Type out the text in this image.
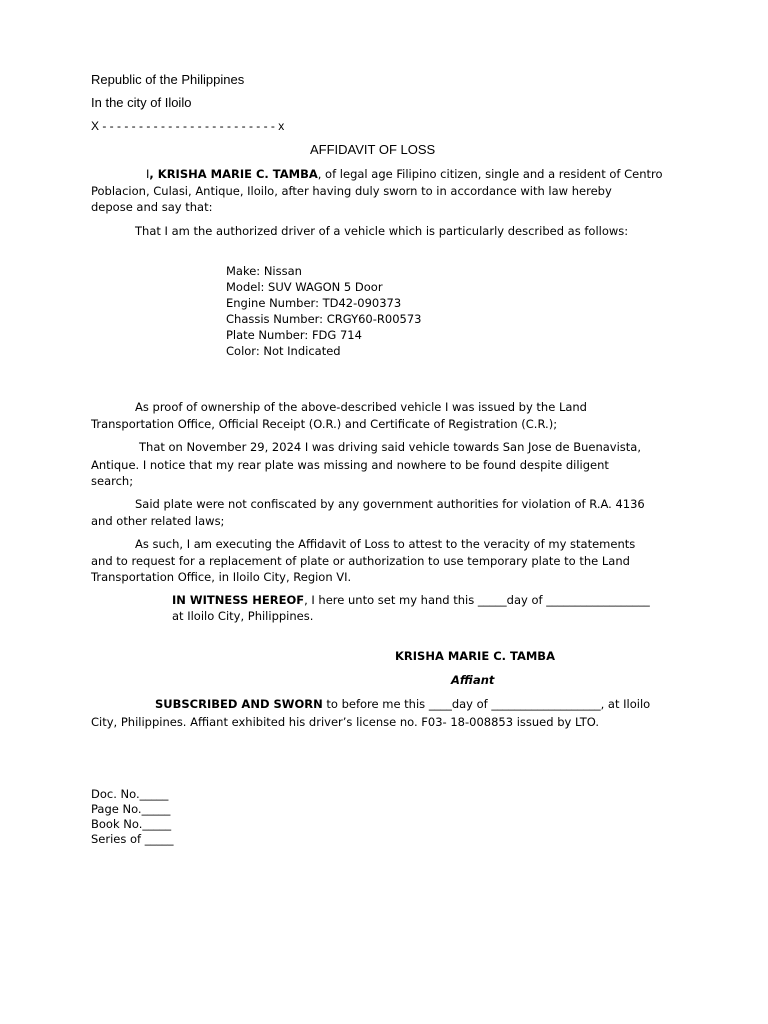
Republic of the Philippines
In the city of Iloilo
X - - - - - - - - - - - - - - - - - - - - - - - - x
AFFIDAVIT OF LOSS
I, KRISHA MARIE C. TAMBA, of legal age Filipino citizen, single and a resident of Centro
Poblacion, Culasi, Antique, Iloilo, after having duly sworn to in accordance with law hereby
depose and say that:
That I am the authorized driver of a vehicle which is particularly described as follows:
Make: Nissan
Model: SUV WAGON 5 Door
Engine Number: TD42-090373
Chassis Number: CRGY60-R00573
Plate Number: FDG 714
Color: Not Indicated
As proof of ownership of the above-described vehicle I was issued by the Land
Transportation Office, Official Receipt (O.R.) and Certificate of Registration (C.R.);
That on November 29, 2024 I was driving said vehicle towards San Jose de Buenavista,
Antique. I notice that my rear plate was missing and nowhere to be found despite diligent
search;
Said plate were not confiscated by any government authorities for violation of R.A. 4136
and other related laws;
As such, I am executing the Affidavit of Loss to attest to the veracity of my statements
and to request for a replacement of plate or authorization to use temporary plate to the Land
Transportation Office, in Iloilo City, Region VI.
IN WITNESS HEREOF, I here unto set my hand this _____day of __________________
at Iloilo City, Philippines.
KRISHA MARIE C. TAMBA
Affiant
SUBSCRIBED AND SWORN to before me this ____day of ___________________, at Iloilo
City, Philippines. Affiant exhibited his driver’s license no. F03- 18-008853 issued by LTO.
Doc. No._____
Page No._____
Book No._____
Series of _____
